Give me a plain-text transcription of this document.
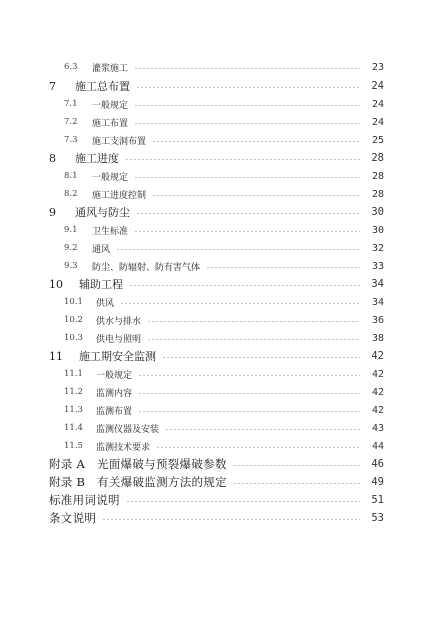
6.3	灌浆施工	23
7	施工总布置	24
7.1	一般规定	24
7.2	施工布置	24
7.3	施工支洞布置	25
8	施工进度	28
8.1	一般规定	28
8.2	施工进度控制	28
9	通风与防尘	30
9.1	卫生标准	30
9.2	通风	32
9.3	防尘、防辐射、防有害气体	33
10	辅助工程	34
10.1	供风	34
10.2	供水与排水	36
10.3	供电与照明	38
11	施工期安全监测	42
11.1	一般规定	42
11.2	监测内容	42
11.3	监测布置	42
11.4	监测仪器及安装	43
11.5	监测技术要求	44
附录 A　光面爆破与预裂爆破参数	46
附录 B　有关爆破监测方法的规定	49
标准用词说明	51
条文说明	53
